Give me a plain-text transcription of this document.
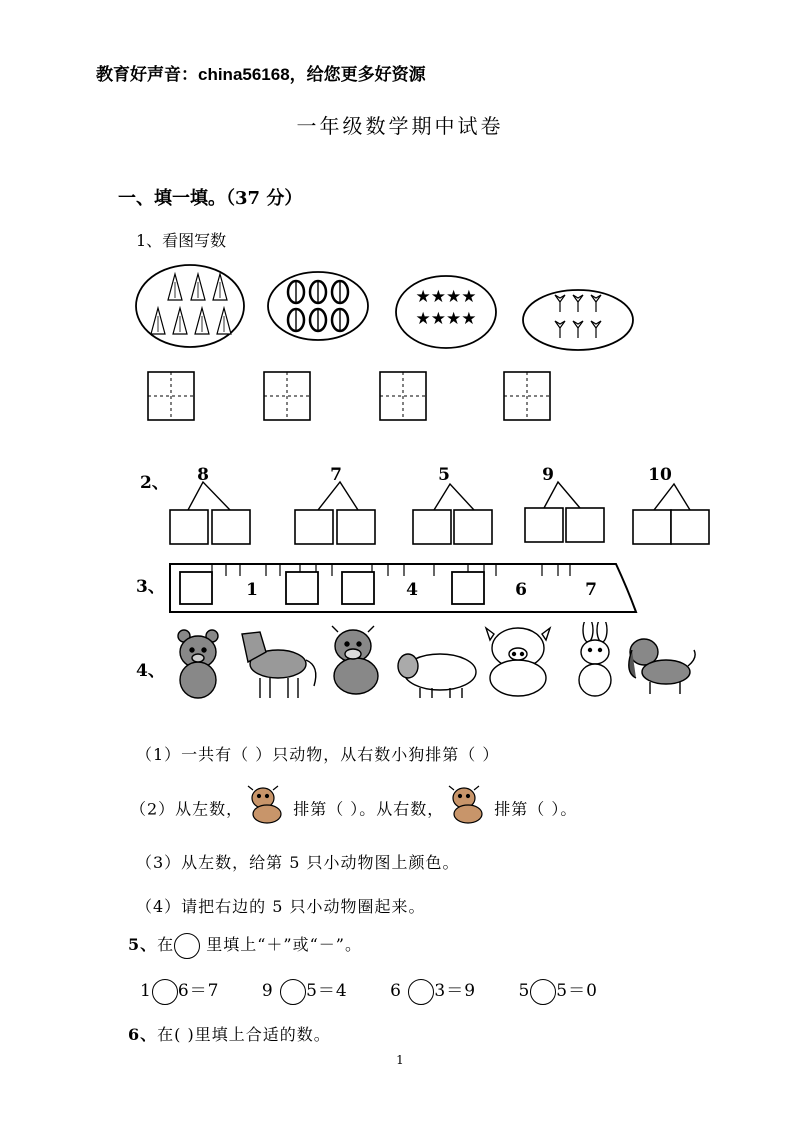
教育好声音：china56168，给您更多好资源
一年级数学期中试卷
一、填一填。（37 分）
1、看图写数
★★★★
★★★★
2、 8	7	5	9	10
3、	1	4	6	7
4、
（1）一共有（ ）只动物，从右数小狗排第（ ）
（2）从左数，	排第（ ）。从右数，	排第（ ）。
（3）从左数，给第 5 只小动物图上颜色。
（4）请把右边的 5 只小动物圈起来。
5、在 里填上“＋”或“－”。
1 6＝7 9 5＝4 6 3＝9 5 5＝0
6、在( )里填上合适的数。
1
